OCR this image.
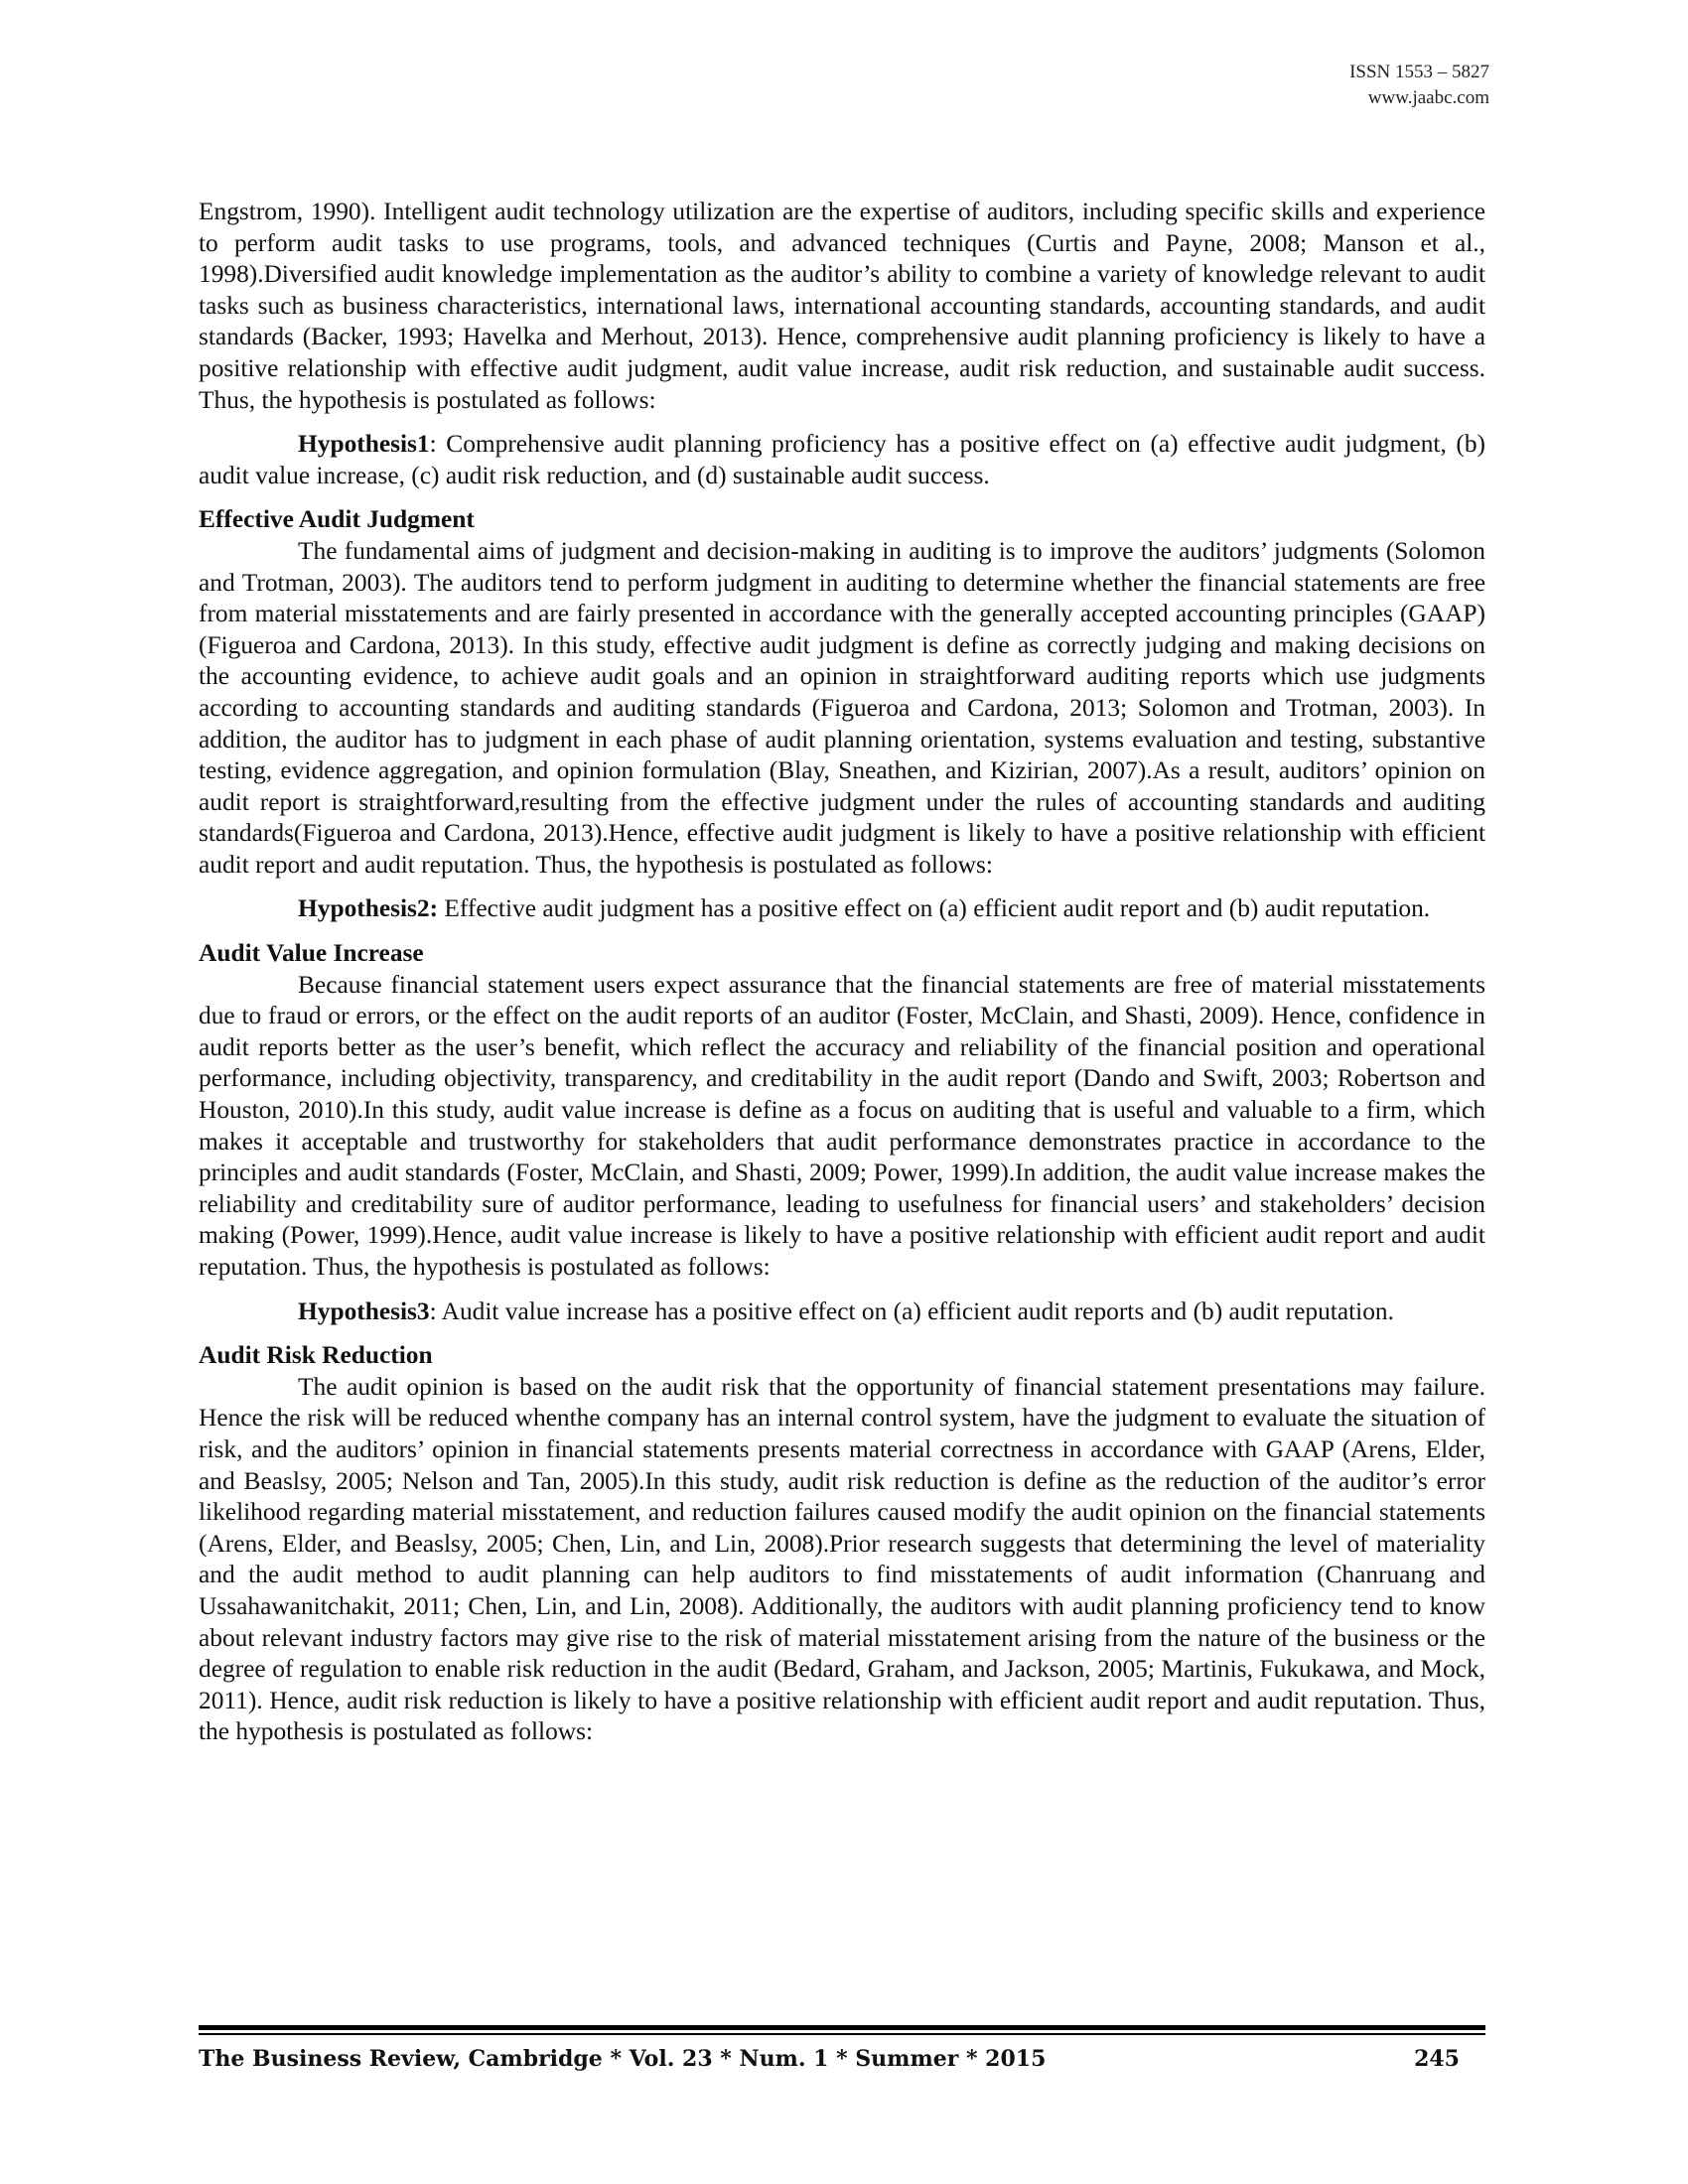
ISSN 1553 – 5827
www.jaabc.com

Engstrom, 1990). Intelligent audit technology utilization are the expertise of auditors, including specific skills and experience to perform audit tasks to use programs, tools, and advanced techniques (Curtis and Payne, 2008; Manson et al., 1998).Diversified audit knowledge implementation as the auditor’s ability to combine a variety of knowledge relevant to audit tasks such as business characteristics, international laws, international accounting standards, accounting standards, and audit standards (Backer, 1993; Havelka and Merhout, 2013). Hence, comprehensive audit planning proficiency is likely to have a positive relationship with effective audit judgment, audit value increase, audit risk reduction, and sustainable audit success. Thus, the hypothesis is postulated as follows:

Hypothesis1: Comprehensive audit planning proficiency has a positive effect on (a) effective audit judgment, (b) audit value increase, (c) audit risk reduction, and (d) sustainable audit success.

Effective Audit Judgment

The fundamental aims of judgment and decision-making in auditing is to improve the auditors’ judgments (Solomon and Trotman, 2003). The auditors tend to perform judgment in auditing to determine whether the financial statements are free from material misstatements and are fairly presented in accordance with the generally accepted accounting principles (GAAP) (Figueroa and Cardona, 2013). In this study, effective audit judgment is define as correctly judging and making decisions on the accounting evidence, to achieve audit goals and an opinion in straightforward auditing reports which use judgments according to accounting standards and auditing standards (Figueroa and Cardona, 2013; Solomon and Trotman, 2003). In addition, the auditor has to judgment in each phase of audit planning orientation, systems evaluation and testing, substantive testing, evidence aggregation, and opinion formulation (Blay, Sneathen, and Kizirian, 2007).As a result, auditors’ opinion on audit report is straightforward,resulting from the effective judgment under the rules of accounting standards and auditing standards(Figueroa and Cardona, 2013).Hence, effective audit judgment is likely to have a positive relationship with efficient audit report and audit reputation. Thus, the hypothesis is postulated as follows:

Hypothesis2: Effective audit judgment has a positive effect on (a) efficient audit report and (b) audit reputation.

Audit Value Increase

Because financial statement users expect assurance that the financial statements are free of material misstatements due to fraud or errors, or the effect on the audit reports of an auditor (Foster, McClain, and Shasti, 2009). Hence, confidence in audit reports better as the user’s benefit, which reflect the accuracy and reliability of the financial position and operational performance, including objectivity, transparency, and creditability in the audit report (Dando and Swift, 2003; Robertson and Houston, 2010).In this study, audit value increase is define as a focus on auditing that is useful and valuable to a firm, which makes it acceptable and trustworthy for stakeholders that audit performance demonstrates practice in accordance to the principles and audit standards (Foster, McClain, and Shasti, 2009; Power, 1999).In addition, the audit value increase makes the reliability and creditability sure of auditor performance, leading to usefulness for financial users’ and stakeholders’ decision making (Power, 1999).Hence, audit value increase is likely to have a positive relationship with efficient audit report and audit reputation. Thus, the hypothesis is postulated as follows:

Hypothesis3: Audit value increase has a positive effect on (a) efficient audit reports and (b) audit reputation.

Audit Risk Reduction

The audit opinion is based on the audit risk that the opportunity of financial statement presentations may failure. Hence the risk will be reduced whenthe company has an internal control system, have the judgment to evaluate the situation of risk, and the auditors’ opinion in financial statements presents material correctness in accordance with GAAP (Arens, Elder, and Beaslsy, 2005; Nelson and Tan, 2005).In this study, audit risk reduction is define as the reduction of the auditor’s error likelihood regarding material misstatement, and reduction failures caused modify the audit opinion on the financial statements (Arens, Elder, and Beaslsy, 2005; Chen, Lin, and Lin, 2008).Prior research suggests that determining the level of materiality and the audit method to audit planning can help auditors to find misstatements of audit information (Chanruang and Ussahawanitchakit, 2011; Chen, Lin, and Lin, 2008). Additionally, the auditors with audit planning proficiency tend to know about relevant industry factors may give rise to the risk of material misstatement arising from the nature of the business or the degree of regulation to enable risk reduction in the audit (Bedard, Graham, and Jackson, 2005; Martinis, Fukukawa, and Mock, 2011). Hence, audit risk reduction is likely to have a positive relationship with efficient audit report and audit reputation. Thus, the hypothesis is postulated as follows:

The Business Review, Cambridge * Vol. 23 * Num. 1 * Summer * 2015	245
